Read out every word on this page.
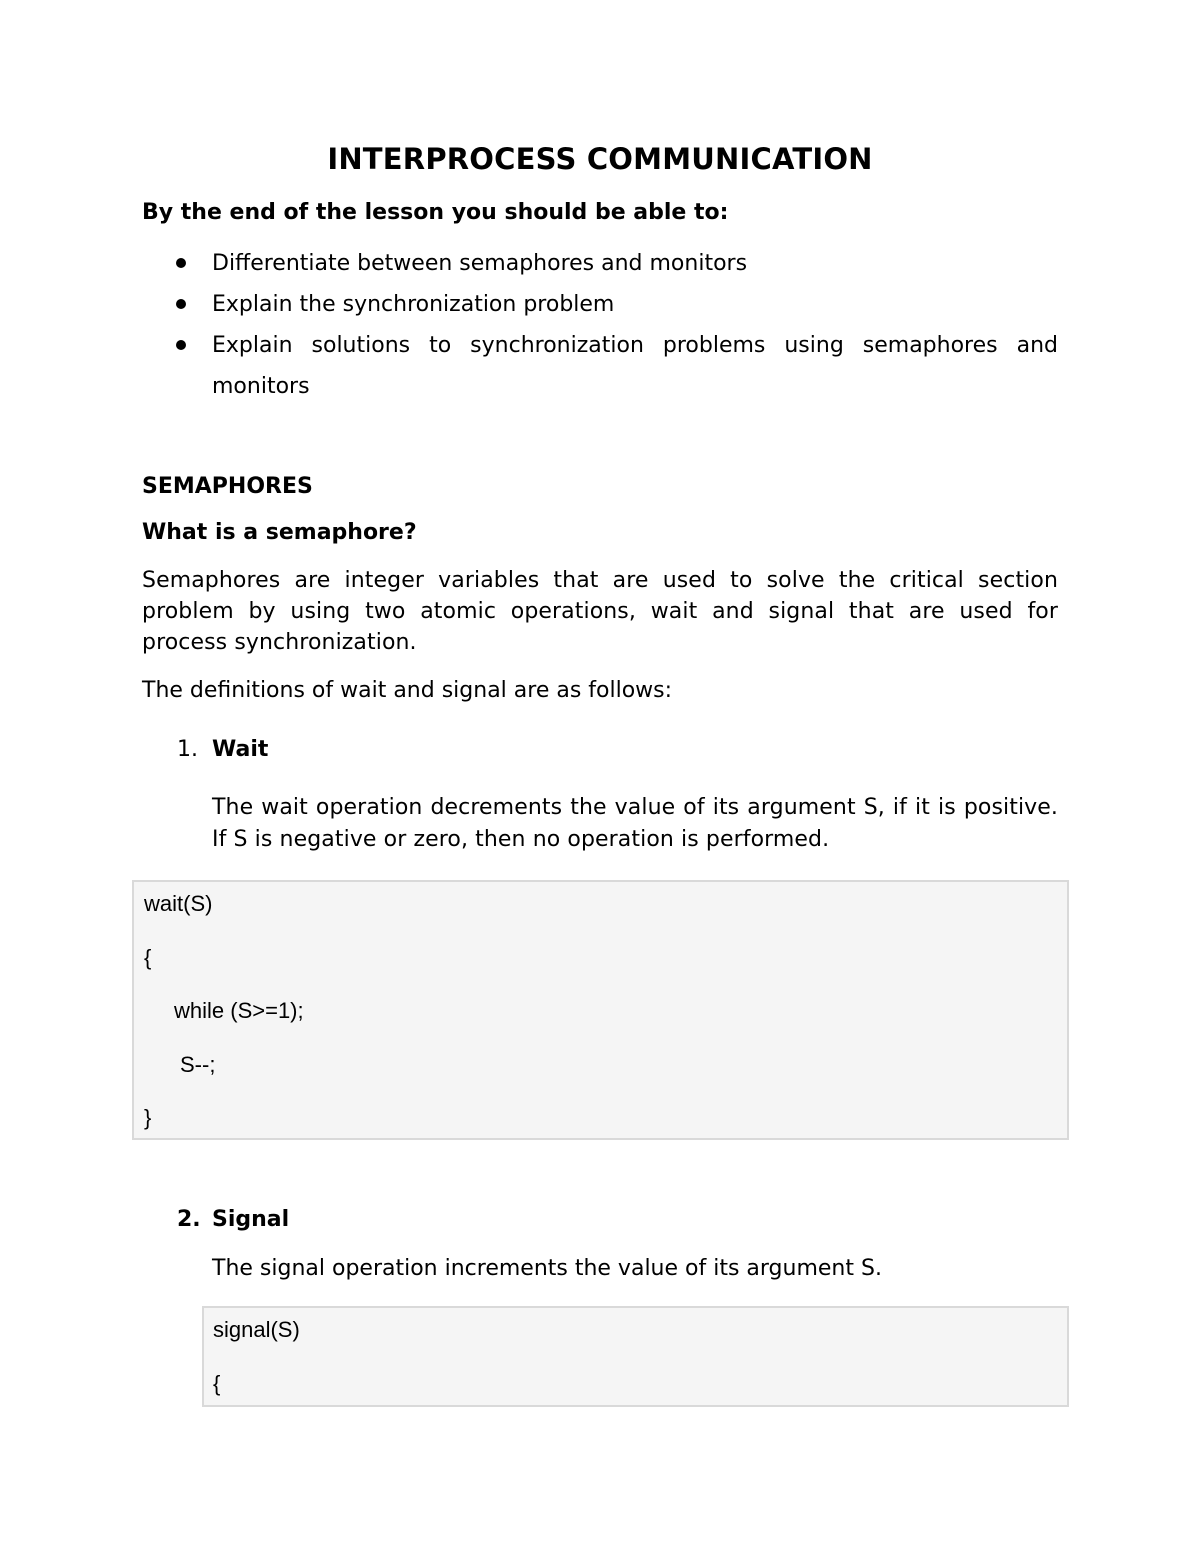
INTERPROCESS COMMUNICATION
By the end of the lesson you should be able to:
Differentiate between semaphores and monitors
Explain the synchronization problem
Explain solutions to synchronization problems using semaphores and monitors
SEMAPHORES
What is a semaphore?
Semaphores are integer variables that are used to solve the critical section problem by using two atomic operations, wait and signal that are used for process synchronization.
The definitions of wait and signal are as follows:
1. Wait
The wait operation decrements the value of its argument S, if it is positive. If S is negative or zero, then no operation is performed.
wait(S)
{
while (S>=1);
S--;
}
2. Signal
The signal operation increments the value of its argument S.
signal(S)
{
